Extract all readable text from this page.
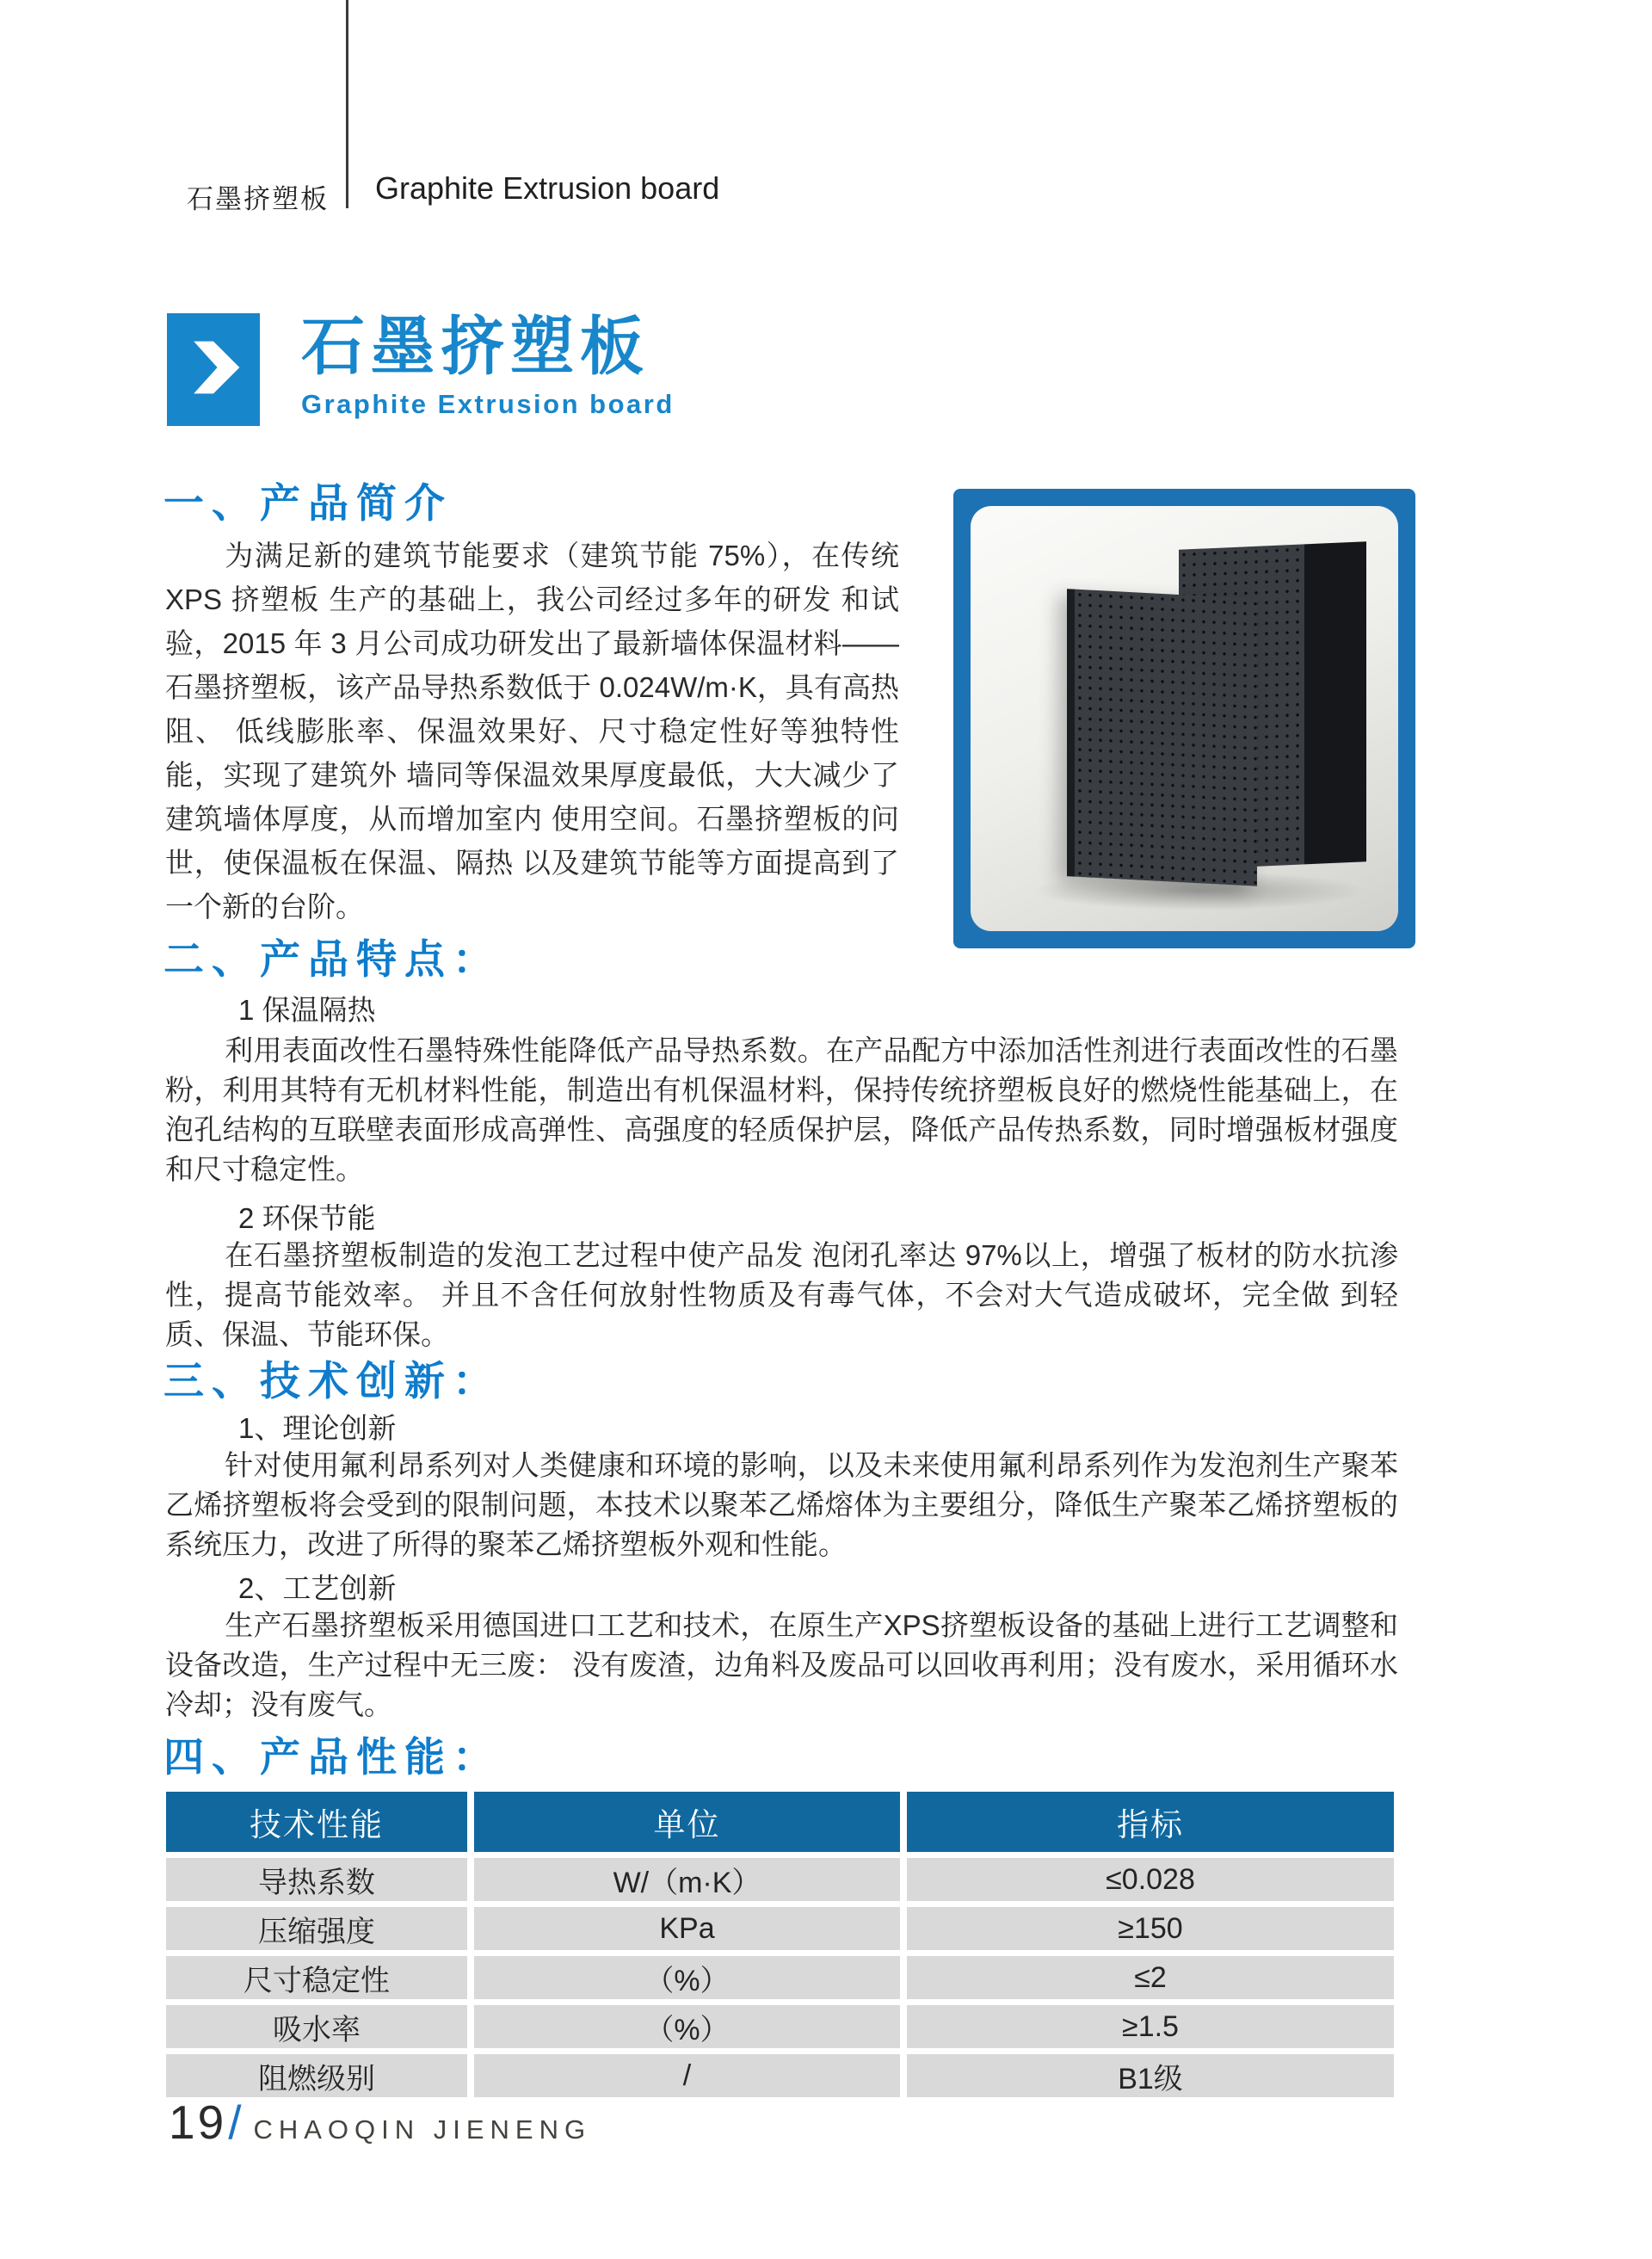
石墨挤塑板 Graphite Extrusion board
石墨挤塑板
Graphite Extrusion board
一、产品简介
为满足新的建筑节能要求（建筑节能 75%），在传统 XPS 挤塑板 生产的基础上，我公司经过多年的研发 和试验，2015 年 3 月公司成功研发出了最新墙体保温材料——石墨挤塑板，该产品导热系数低于 0.024W/m·K，具有高热阻、 低线膨胀率、保温效果好、尺寸稳定性好等独特性能，实现了建筑外 墙同等保温效果厚度最低，大大减少了建筑墙体厚度，从而增加室内 使用空间。石墨挤塑板的问世，使保温板在保温、隔热 以及建筑节能等方面提高到了一个新的台阶。
二、产品特点：
1 保温隔热
利用表面改性石墨特殊性能降低产品导热系数。在产品配方中添加活性剂进行表面改性的石墨粉，利用其特有无机材料性能，制造出有机保温材料，保持传统挤塑板良好的燃烧性能基础上，在泡孔结构的互联壁表面形成高弹性、高强度的轻质保护层，降低产品传热系数，同时增强板材强度和尺寸稳定性。
2 环保节能
在石墨挤塑板制造的发泡工艺过程中使产品发 泡闭孔率达 97%以上，增强了板材的防水抗渗性，提高节能效率。 并且不含任何放射性物质及有毒气体，不会对大气造成破坏，完全做 到轻质、保温、节能环保。
三、技术创新：
1、理论创新
针对使用氟利昂系列对人类健康和环境的影响，以及未来使用氟利昂系列作为发泡剂生产聚苯乙烯挤塑板将会受到的限制问题，本技术以聚苯乙烯熔体为主要组分，降低生产聚苯乙烯挤塑板的系统压力，改进了所得的聚苯乙烯挤塑板外观和性能。
2、工艺创新
生产石墨挤塑板采用德国进口工艺和技术，在原生产XPS挤塑板设备的基础上进行工艺调整和设备改造，生产过程中无三废： 没有废渣，边角料及废品可以回收再利用；没有废水，采用循环水冷却；没有废气。
四、产品性能：
技术性能	单位	指标
导热系数	W/（m·K）	≤0.028
压缩强度	KPa	≥150
尺寸稳定性	（%）	≤2
吸水率	（%）	≥1.5
阻燃级别	/	B1级
19 / CHAOQIN JIENENG
